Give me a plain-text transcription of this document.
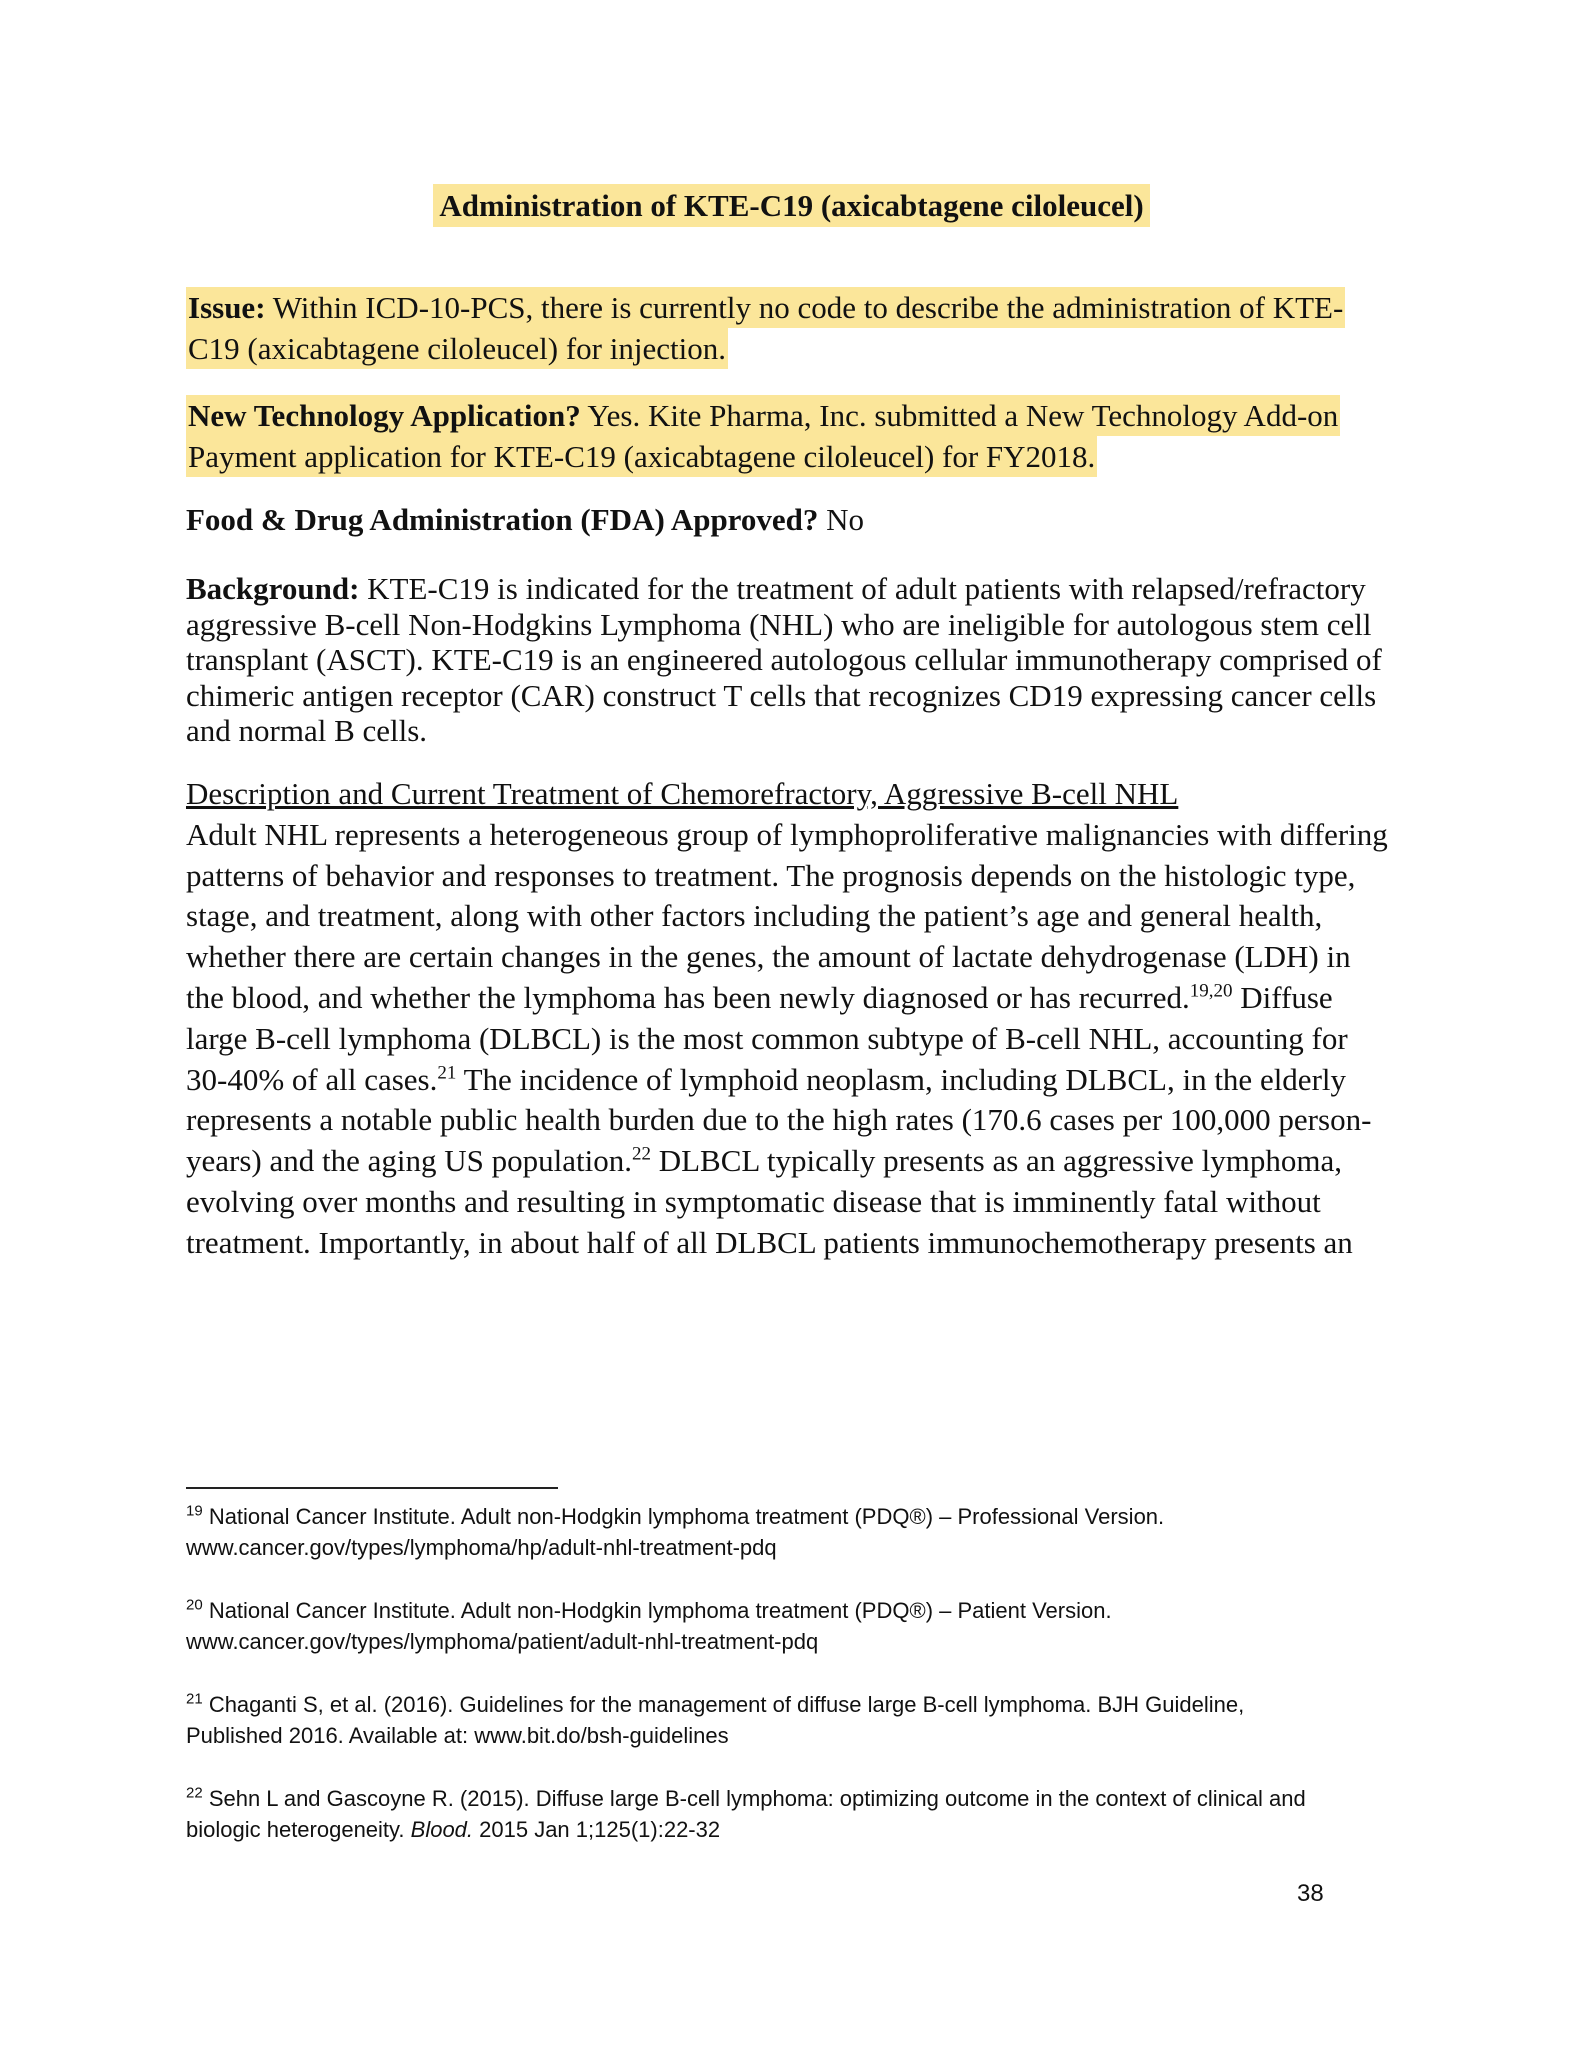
Administration of KTE-C19 (axicabtagene ciloleucel)
Issue: Within ICD-10-PCS, there is currently no code to describe the administration of KTE-C19 (axicabtagene ciloleucel) for injection.
New Technology Application? Yes. Kite Pharma, Inc. submitted a New Technology Add-on Payment application for KTE-C19 (axicabtagene ciloleucel) for FY2018.
Food & Drug Administration (FDA) Approved? No
Background: KTE-C19 is indicated for the treatment of adult patients with relapsed/refractory aggressive B-cell Non-Hodgkins Lymphoma (NHL) who are ineligible for autologous stem cell transplant (ASCT). KTE-C19 is an engineered autologous cellular immunotherapy comprised of chimeric antigen receptor (CAR) construct T cells that recognizes CD19 expressing cancer cells and normal B cells.
Description and Current Treatment of Chemorefractory, Aggressive B-cell NHL
Adult NHL represents a heterogeneous group of lymphoproliferative malignancies with differing patterns of behavior and responses to treatment. The prognosis depends on the histologic type, stage, and treatment, along with other factors including the patient’s age and general health, whether there are certain changes in the genes, the amount of lactate dehydrogenase (LDH) in the blood, and whether the lymphoma has been newly diagnosed or has recurred.$^{19,20}$ Diffuse large B-cell lymphoma (DLBCL) is the most common subtype of B-cell NHL, accounting for 30-40% of all cases.$^{21}$ The incidence of lymphoid neoplasm, including DLBCL, in the elderly represents a notable public health burden due to the high rates (170.6 cases per 100,000 person-years) and the aging US population.$^{22}$ DLBCL typically presents as an aggressive lymphoma, evolving over months and resulting in symptomatic disease that is imminently fatal without treatment. Importantly, in about half of all DLBCL patients immunochemotherapy presents an
$^{19}$ National Cancer Institute. Adult non-Hodgkin lymphoma treatment (PDQ®) – Professional Version.
www.cancer.gov/types/lymphoma/hp/adult-nhl-treatment-pdq
$^{20}$ National Cancer Institute. Adult non-Hodgkin lymphoma treatment (PDQ®) – Patient Version.
www.cancer.gov/types/lymphoma/patient/adult-nhl-treatment-pdq
$^{21}$ Chaganti S, et al. (2016). Guidelines for the management of diffuse large B-cell lymphoma. BJH Guideline,
Published 2016. Available at: www.bit.do/bsh-guidelines
$^{22}$ Sehn L and Gascoyne R. (2015). Diffuse large B-cell lymphoma: optimizing outcome in the context of clinical and
biologic heterogeneity. Blood. 2015 Jan 1;125(1):22-32
38
